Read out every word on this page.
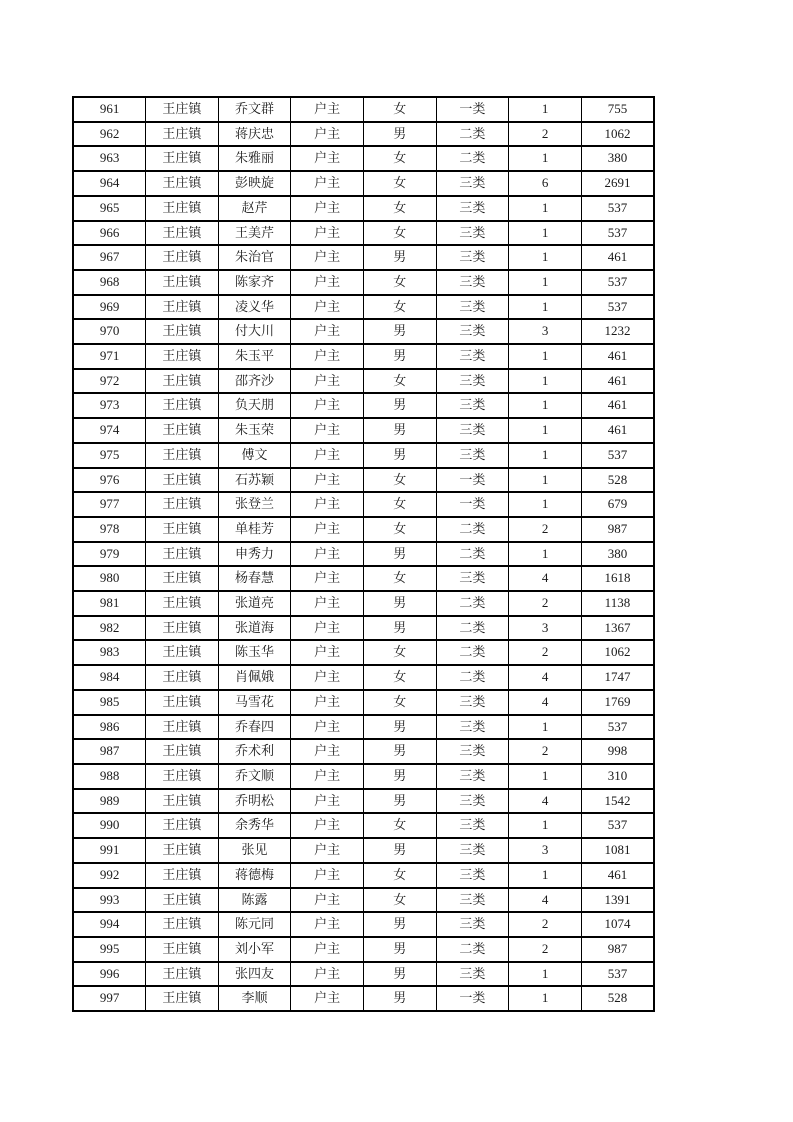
961	王庄镇	乔文群	户主	女	一类	1	755
962	王庄镇	蒋庆忠	户主	男	二类	2	1062
963	王庄镇	朱雅丽	户主	女	二类	1	380
964	王庄镇	彭映旋	户主	女	三类	6	2691
965	王庄镇	赵芹	户主	女	三类	1	537
966	王庄镇	王美芹	户主	女	三类	1	537
967	王庄镇	朱治官	户主	男	三类	1	461
968	王庄镇	陈家齐	户主	女	三类	1	537
969	王庄镇	凌义华	户主	女	三类	1	537
970	王庄镇	付大川	户主	男	三类	3	1232
971	王庄镇	朱玉平	户主	男	三类	1	461
972	王庄镇	邵齐沙	户主	女	三类	1	461
973	王庄镇	负天朋	户主	男	三类	1	461
974	王庄镇	朱玉荣	户主	男	三类	1	461
975	王庄镇	傅文	户主	男	三类	1	537
976	王庄镇	石苏颖	户主	女	一类	1	528
977	王庄镇	张登兰	户主	女	一类	1	679
978	王庄镇	单桂芳	户主	女	二类	2	987
979	王庄镇	申秀力	户主	男	二类	1	380
980	王庄镇	杨春慧	户主	女	三类	4	1618
981	王庄镇	张道亮	户主	男	二类	2	1138
982	王庄镇	张道海	户主	男	二类	3	1367
983	王庄镇	陈玉华	户主	女	二类	2	1062
984	王庄镇	肖佩娥	户主	女	二类	4	1747
985	王庄镇	马雪花	户主	女	三类	4	1769
986	王庄镇	乔春四	户主	男	三类	1	537
987	王庄镇	乔术利	户主	男	三类	2	998
988	王庄镇	乔文顺	户主	男	三类	1	310
989	王庄镇	乔明松	户主	男	三类	4	1542
990	王庄镇	余秀华	户主	女	三类	1	537
991	王庄镇	张见	户主	男	三类	3	1081
992	王庄镇	蒋德梅	户主	女	三类	1	461
993	王庄镇	陈露	户主	女	三类	4	1391
994	王庄镇	陈元同	户主	男	三类	2	1074
995	王庄镇	刘小军	户主	男	二类	2	987
996	王庄镇	张四友	户主	男	三类	1	537
997	王庄镇	李顺	户主	男	一类	1	528
